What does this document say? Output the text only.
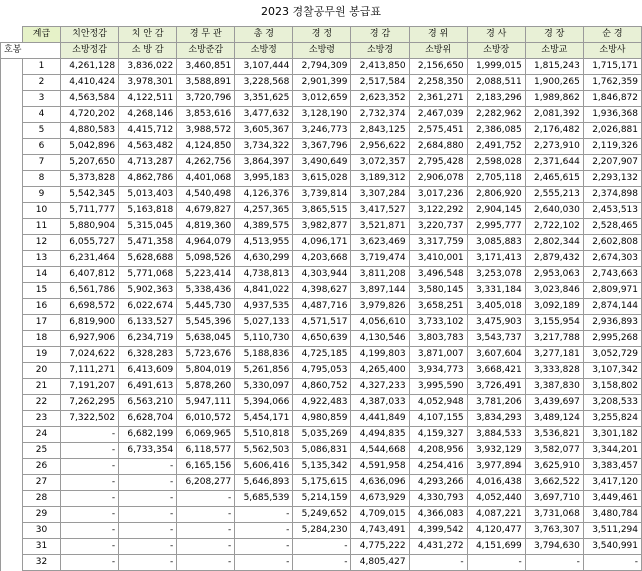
2023 경찰공무원 봉급표
	계급	치안정감	치 안 감	경 무 관	총 경	경 정	경 감	경 위	경 사	경 장	순 경
호봉		소방정감	소 방 감	소방준감	소방정	소방령	소방경	소방위	소방장	소방교	소방사
	1	4,261,128	3,836,022	3,460,851	3,107,444	2,794,309	2,413,850	2,156,650	1,999,015	1,815,243	1,715,171
	2	4,410,424	3,978,301	3,588,891	3,228,568	2,901,399	2,517,584	2,258,350	2,088,511	1,900,265	1,762,359
	3	4,563,584	4,122,511	3,720,796	3,351,625	3,012,659	2,623,352	2,361,271	2,183,296	1,989,862	1,846,872
	4	4,720,202	4,268,146	3,853,616	3,477,632	3,128,190	2,732,374	2,467,039	2,282,962	2,081,392	1,936,368
	5	4,880,583	4,415,712	3,988,572	3,605,367	3,246,773	2,843,125	2,575,451	2,386,085	2,176,482	2,026,881
	6	5,042,896	4,563,482	4,124,850	3,734,322	3,367,796	2,956,622	2,684,880	2,491,752	2,273,910	2,119,326
	7	5,207,650	4,713,287	4,262,756	3,864,397	3,490,649	3,072,357	2,795,428	2,598,028	2,371,644	2,207,907
	8	5,373,828	4,862,786	4,401,068	3,995,183	3,615,028	3,189,312	2,906,078	2,705,118	2,465,615	2,293,132
	9	5,542,345	5,013,403	4,540,498	4,126,376	3,739,814	3,307,284	3,017,236	2,806,920	2,555,213	2,374,898
	10	5,711,777	5,163,818	4,679,827	4,257,365	3,865,515	3,417,527	3,122,292	2,904,145	2,640,030	2,453,513
	11	5,880,904	5,315,045	4,819,360	4,389,575	3,982,877	3,521,871	3,220,737	2,995,777	2,722,102	2,528,465
	12	6,055,727	5,471,358	4,964,079	4,513,955	4,096,171	3,623,469	3,317,759	3,085,883	2,802,344	2,602,808
	13	6,231,464	5,628,688	5,098,526	4,630,299	4,203,668	3,719,474	3,410,001	3,171,413	2,879,432	2,674,303
	14	6,407,812	5,771,068	5,223,414	4,738,813	4,303,944	3,811,208	3,496,548	3,253,078	2,953,063	2,743,663
	15	6,561,786	5,902,363	5,338,436	4,841,022	4,398,627	3,897,144	3,580,145	3,331,184	3,023,846	2,809,971
	16	6,698,572	6,022,674	5,445,730	4,937,535	4,487,716	3,979,826	3,658,251	3,405,018	3,092,189	2,874,144
	17	6,819,900	6,133,527	5,545,396	5,027,133	4,571,517	4,056,610	3,733,102	3,475,903	3,155,954	2,936,893
	18	6,927,906	6,234,719	5,638,045	5,110,730	4,650,639	4,130,546	3,803,783	3,543,737	3,217,788	2,995,268
	19	7,024,622	6,328,283	5,723,676	5,188,836	4,725,185	4,199,803	3,871,007	3,607,604	3,277,181	3,052,729
	20	7,111,271	6,413,609	5,804,019	5,261,856	4,795,053	4,265,400	3,934,773	3,668,421	3,333,828	3,107,342
	21	7,191,207	6,491,613	5,878,260	5,330,097	4,860,752	4,327,233	3,995,590	3,726,491	3,387,830	3,158,802
	22	7,262,295	6,563,210	5,947,111	5,394,066	4,922,483	4,387,033	4,052,948	3,781,206	3,439,697	3,208,533
	23	7,322,502	6,628,704	6,010,572	5,454,171	4,980,859	4,441,849	4,107,155	3,834,293	3,489,124	3,255,824
	24	-	6,682,199	6,069,965	5,510,818	5,035,269	4,494,835	4,159,327	3,884,533	3,536,821	3,301,182
	25	-	6,733,354	6,118,577	5,562,503	5,086,831	4,544,668	4,208,956	3,932,129	3,582,077	3,344,201
	26	-	-	6,165,156	5,606,416	5,135,342	4,591,958	4,254,416	3,977,894	3,625,910	3,383,457
	27	-	-	6,208,277	5,646,893	5,175,615	4,636,096	4,293,266	4,016,438	3,662,522	3,417,120
	28	-	-	-	5,685,539	5,214,159	4,673,929	4,330,793	4,052,440	3,697,710	3,449,461
	29	-	-	-	-	5,249,652	4,709,015	4,366,083	4,087,221	3,731,068	3,480,784
	30	-	-	-	-	5,284,230	4,743,491	4,399,542	4,120,477	3,763,307	3,511,294
	31	-	-	-	-	-	4,775,222	4,431,272	4,151,699	3,794,630	3,540,991
	32	-	-	-	-	-	4,805,427	-	-	-	-
